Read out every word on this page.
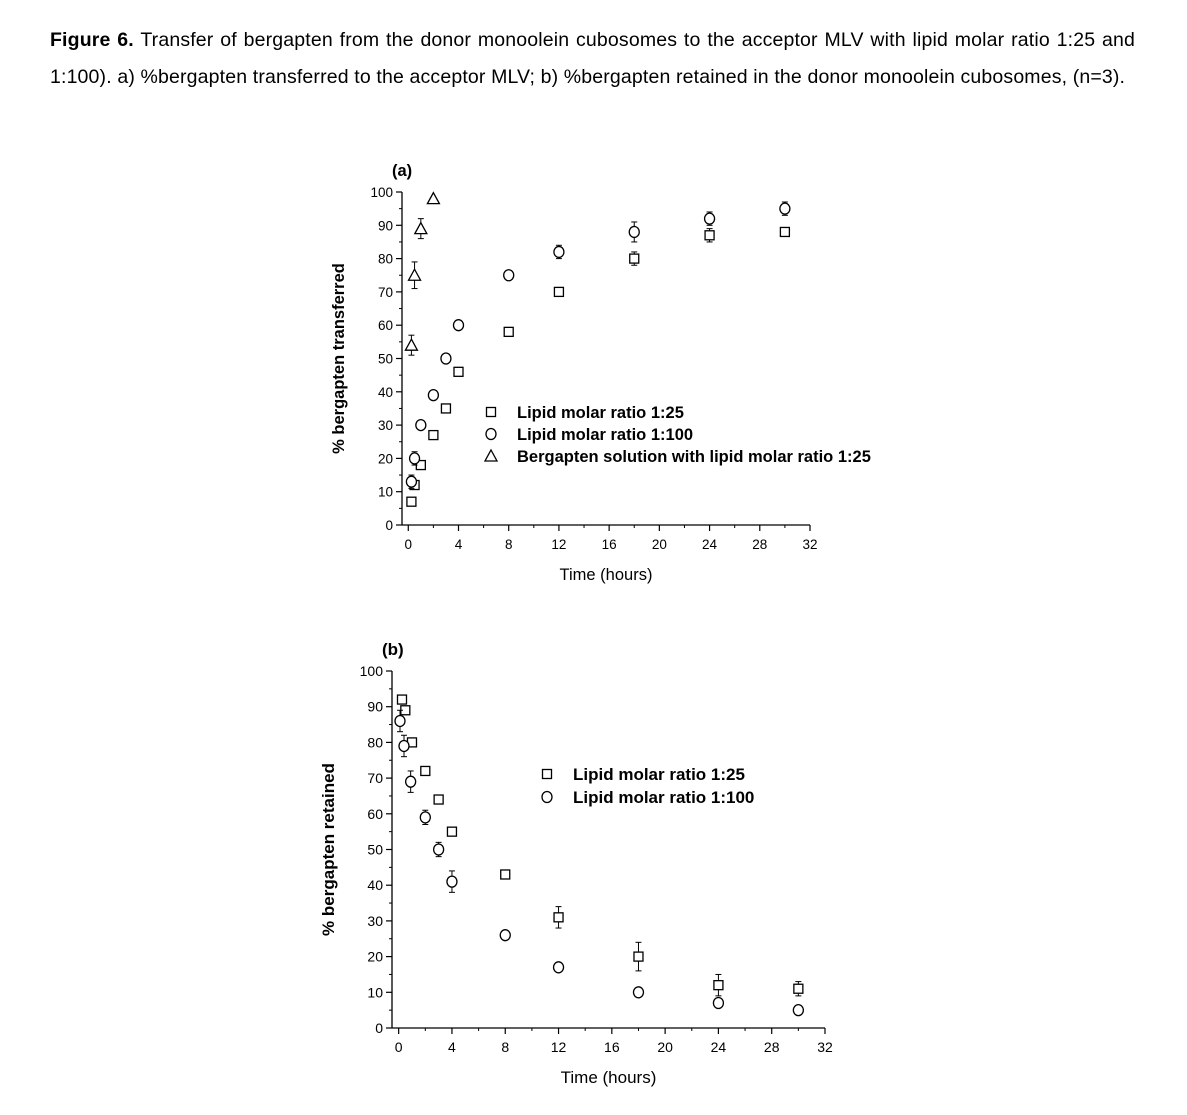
Figure 6. Transfer of bergapten from the donor monoolein cubosomes to the acceptor MLV with lipid molar ratio 1:25 and 1:100). a) %bergapten transferred to the acceptor MLV; b) %bergapten retained in the donor monoolein cubosomes, (n=3).
0
10
20
30
40
50
60
70
80
90
100
0	4	8	12	16	20	24	28	32
Time (hours)
% bergapten transferred
(a)
Lipid molar ratio 1:25
Lipid molar ratio 1:100
Bergapten solution with lipid molar ratio 1:25
0
10
20
30
40
50
60
70
80
90
100
0	4	8	12	16	20	24	28	32
Time (hours)
% bergapten retained
(b)
Lipid molar ratio 1:25
Lipid molar ratio 1:100
